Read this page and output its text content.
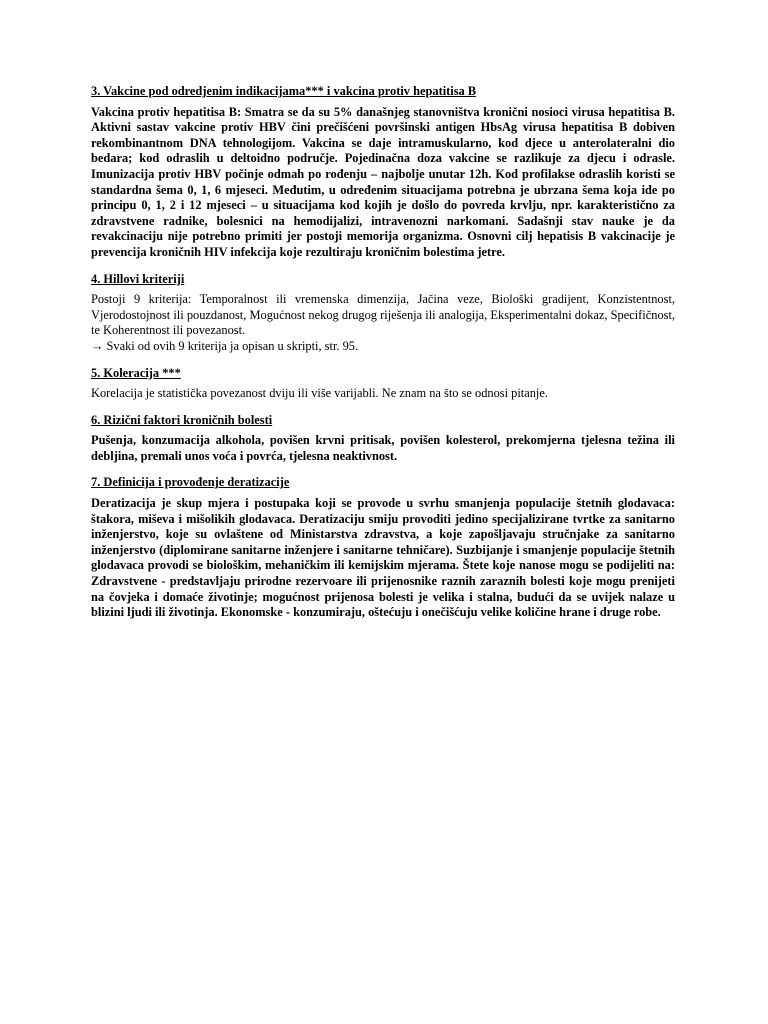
3. Vakcine pod odredjenim indikacijama*** i vakcina protiv hepatitisa B
Vakcina protiv hepatitisa B: Smatra se da su 5% današnjeg stanovništva kronični nosioci virusa hepatitisa B. Aktivni sastav vakcine protiv HBV čini prečišćeni površinski antigen HbsAg virusa hepatitisa B dobiven rekombinantnom DNA tehnologijom. Vakcina se daje intramuskularno, kod djece u anterolateralni dio bedara; kod odraslih u deltoidno područje. Pojedinačna doza vakcine se razlikuje za djecu i odrasle. Imunizacija protiv HBV počinje odmah po rođenju – najbolje unutar 12h. Kod profilakse odraslih koristi se standardna šema 0, 1, 6 mjeseci. Međutim, u određenim situacijama potrebna je ubrzana šema koja ide po principu 0, 1, 2 i 12 mjeseci – u situacijama kod kojih je došlo do povreda krvlju, npr. karakteristično za zdravstvene radnike, bolesnici na hemodijalizi, intravenozni narkomani. Sadašnji stav nauke je da revakcinaciju nije potrebno primiti jer postoji memorija organizma. Osnovni cilj hepatisis B vakcinacije je prevencija kroničnih HIV infekcija koje rezultiraju kroničnim bolestima jetre.
4. Hillovi kriteriji
Postoji 9 kriterija: Temporalnost ili vremenska dimenzija, Jačina veze, Biološki gradijent, Konzistentnost, Vjerodostojnost ili pouzdanost, Mogućnost nekog drugog riješenja ili analogija, Eksperimentalni dokaz, Specifičnost, te Koherentnost ili povezanost.
→ Svaki od ovih 9 kriterija ja opisan u skripti, str. 95.
5. Koleracija ***
Korelacija je statistička povezanost dviju ili više varijabli. Ne znam na što se odnosi pitanje.
6. Rizični faktori kroničnih bolesti
Pušenja, konzumacija alkohola, povišen krvni pritisak, povišen kolesterol, prekomjerna tjelesna težina ili debljina, premali unos voća i povrća, tjelesna neaktivnost.
7. Definicija i provođenje deratizacije
Deratizacija je skup mjera i postupaka koji se provode u svrhu smanjenja populacije štetnih glodavaca: štakora, miševa i mišolikih glodavaca. Deratizaciju smiju provoditi jedino specijalizirane tvrtke za sanitarno inženjerstvo, koje su ovlaštene od Ministarstva zdravstva, a koje zapošljavaju stručnjake za sanitarno inženjerstvo (diplomirane sanitarne inženjere i sanitarne tehničare). Suzbijanje i smanjenje populacije štetnih glodavaca provodi se biološkim, mehaničkim ili kemijskim mjerama. Štete koje nanose mogu se podijeliti na: Zdravstvene - predstavljaju prirodne rezervoare ili prijenosnike raznih zaraznih bolesti koje mogu prenijeti na čovjeka i domaće životinje; mogućnost prijenosa bolesti je velika i stalna, budući da se uvijek nalaze u blizini ljudi ili životinja. Ekonomske - konzumiraju, oštećuju i onečišćuju velike količine hrane i druge robe.
